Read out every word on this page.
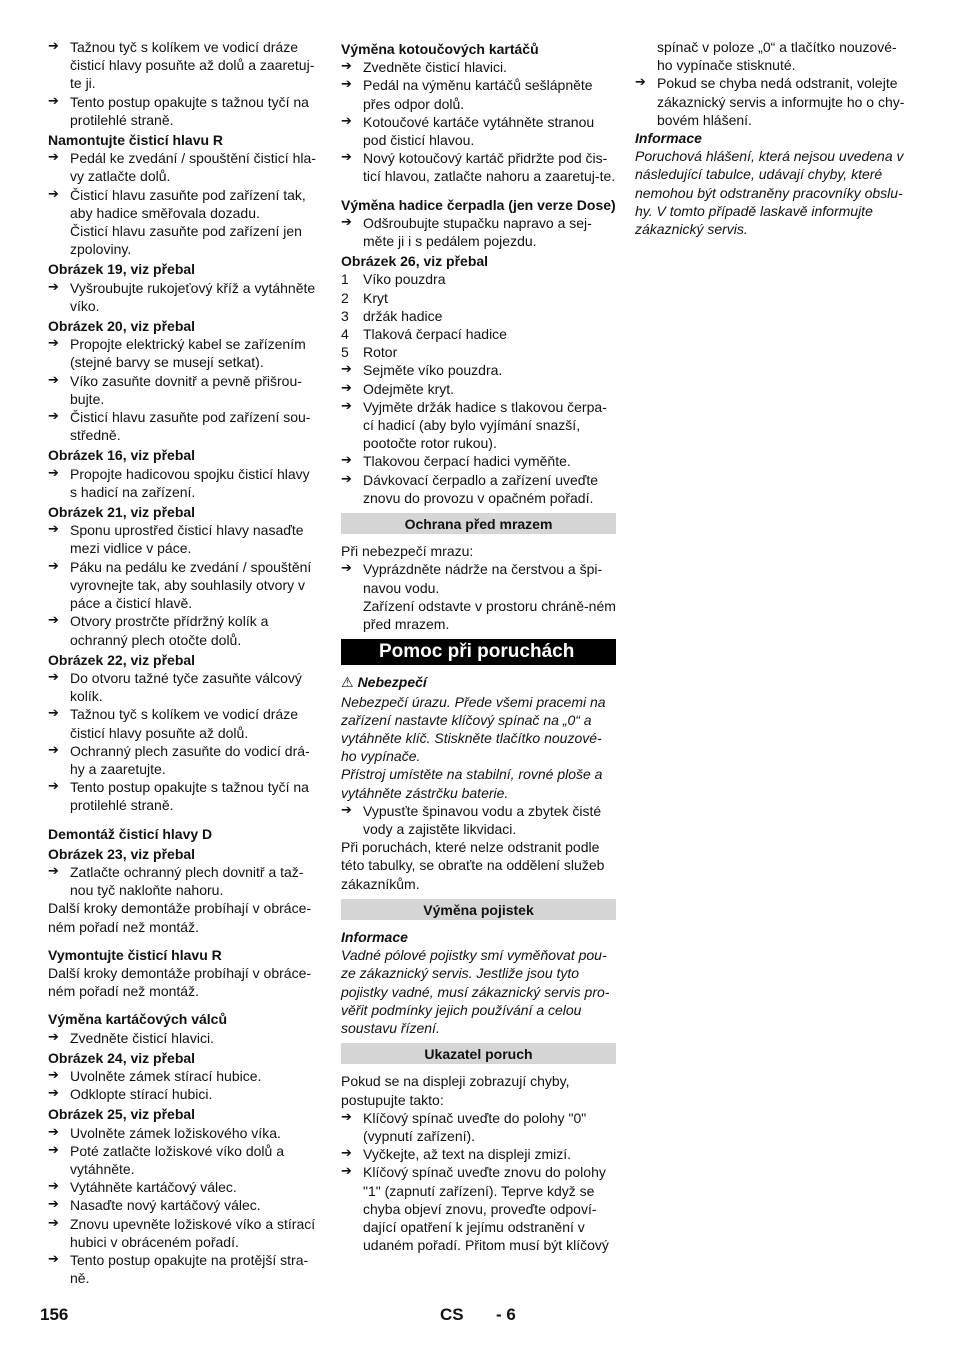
➔ Tažnou tyč s kolíkem ve vodicí dráze čisticí hlavy posuňte až dolů a zaaretuj-te ji.
➔ Tento postup opakujte s tažnou tyčí na protilehlé straně.
Namontujte čisticí hlavu R
➔ Pedál ke zvedání / spouštění čisticí hla-vy zatlačte dolů.
➔ Čisticí hlavu zasuňte pod zařízení tak, aby hadice směřovala dozadu.
Čisticí hlavu zasuňte pod zařízení jen zpoloviny.
Obrázek 19, viz přebal
➔ Vyšroubujte rukojeťový kříž a vytáhněte víko.
Obrázek 20, viz přebal
➔ Propojte elektrický kabel se zařízením (stejné barvy se musejí setkat).
➔ Víko zasuňte dovnitř a pevně přišrou-bujte.
➔ Čisticí hlavu zasuňte pod zařízení sou-středně.
Obrázek 16, viz přebal
➔ Propojte hadicovou spojku čisticí hlavy s hadicí na zařízení.
Obrázek 21, viz přebal
➔ Sponu uprostřed čisticí hlavy nasaďte mezi vidlice v páce.
➔ Páku na pedálu ke zvedání / spouštění vyrovnejte tak, aby souhlasily otvory v páce a čisticí hlavě.
➔ Otvory prostrčte přídržný kolík a ochranný plech otočte dolů.
Obrázek 22, viz přebal
➔ Do otvoru tažné tyče zasuňte válcový kolík.
➔ Tažnou tyč s kolíkem ve vodicí dráze čisticí hlavy posuňte až dolů.
➔ Ochranný plech zasuňte do vodicí drá-hy a zaaretujte.
➔ Tento postup opakujte s tažnou tyčí na protilehlé straně.
Demontáž čisticí hlavy D
Obrázek 23, viz přebal
➔ Zatlačte ochranný plech dovnitř a taž-nou tyč nakloňte nahoru.
Další kroky demontáže probíhají v obráce-ném pořadí než montáž.
Vymontujte čisticí hlavu R
Další kroky demontáže probíhají v obráce-ném pořadí než montáž.
Výměna kartáčových válců
➔ Zvedněte čisticí hlavici.
Obrázek 24, viz přebal
➔ Uvolněte zámek stírací hubice.
➔ Odklopte stírací hubici.
Obrázek 25, viz přebal
➔ Uvolněte zámek ložiskového víka.
➔ Poté zatlačte ložiskové víko dolů a vytáhněte.
➔ Vytáhněte kartáčový válec.
➔ Nasaďte nový kartáčový válec.
➔ Znovu upevněte ložiskové víko a stírací hubici v obráceném pořadí.
➔ Tento postup opakujte na protější stra-ně.
Výměna kotoučových kartáčů
➔ Zvedněte čisticí hlavici.
➔ Pedál na výměnu kartáčů sešlápněte přes odpor dolů.
➔ Kotoučové kartáče vytáhněte stranou pod čisticí hlavou.
➔ Nový kotoučový kartáč přidržte pod čis-ticí hlavou, zatlačte nahoru a zaaretuj-te.
Výměna hadice čerpadla (jen verze Dose)
➔ Odšroubujte stupačku napravo a sej-měte ji i s pedálem pojezdu.
Obrázek 26, viz přebal
1 Víko pouzdra
2 Kryt
3 držák hadice
4 Tlaková čerpací hadice
5 Rotor
➔ Sejměte víko pouzdra.
➔ Odejměte kryt.
➔ Vyjměte držák hadice s tlakovou čerpa-cí hadicí (aby bylo vyjímání snazší, pootočte rotor rukou).
➔ Tlakovou čerpací hadici vyměňte.
➔ Dávkovací čerpadlo a zařízení uveďte znovu do provozu v opačném pořadí.
Ochrana před mrazem
Při nebezpečí mrazu:
➔ Vyprázdněte nádrže na čerstvou a špi-navou vodu.
Zařízení odstavte v prostoru chráně-ném před mrazem.
Pomoc při poruchách
⚠ Nebezpečí
Nebezpečí úrazu. Přede všemi pracemi na zařízení nastavte klíčový spínač na „0“ a vytáhněte klíč. Stiskněte tlačítko nouzové-ho vypínače.
Přístroj umístěte na stabilní, rovné ploše a vytáhněte zástrčku baterie.
➔ Vypusťte špinavou vodu a zbytek čisté vody a zajistěte likvidaci.
Při poruchách, které nelze odstranit podle této tabulky, se obraťte na oddělení služeb zákazníkům.
Výměna pojistek
Informace
Vadné pólové pojistky smí vyměňovat pou-ze zákaznický servis. Jestliže jsou tyto pojistky vadné, musí zákaznický servis pro-věřit podmínky jejich používání a celou soustavu řízení.
Ukazatel poruch
Pokud se na displeji zobrazují chyby, postupujte takto:
➔ Klíčový spínač uveďte do polohy "0" (vypnutí zařízení).
➔ Vyčkejte, až text na displeji zmizí.
➔ Klíčový spínač uveďte znovu do polohy "1" (zapnutí zařízení). Teprve když se chyba objeví znovu, proveďte odpoví-dající opatření k jejímu odstranění v udaném pořadí. Přitom musí být klíčový
spínač v poloze „0“ a tlačítko nouzové-ho vypínače stisknuté.
➔ Pokud se chyba nedá odstranit, volejte zákaznický servis a informujte ho o chy-bovém hlášení.
Informace
Poruchová hlášení, která nejsou uvedena v následující tabulce, udávají chyby, které nemohou být odstraněny pracovníky obslu-hy. V tomto případě laskavě informujte zákaznický servis.
156	CS - 6
